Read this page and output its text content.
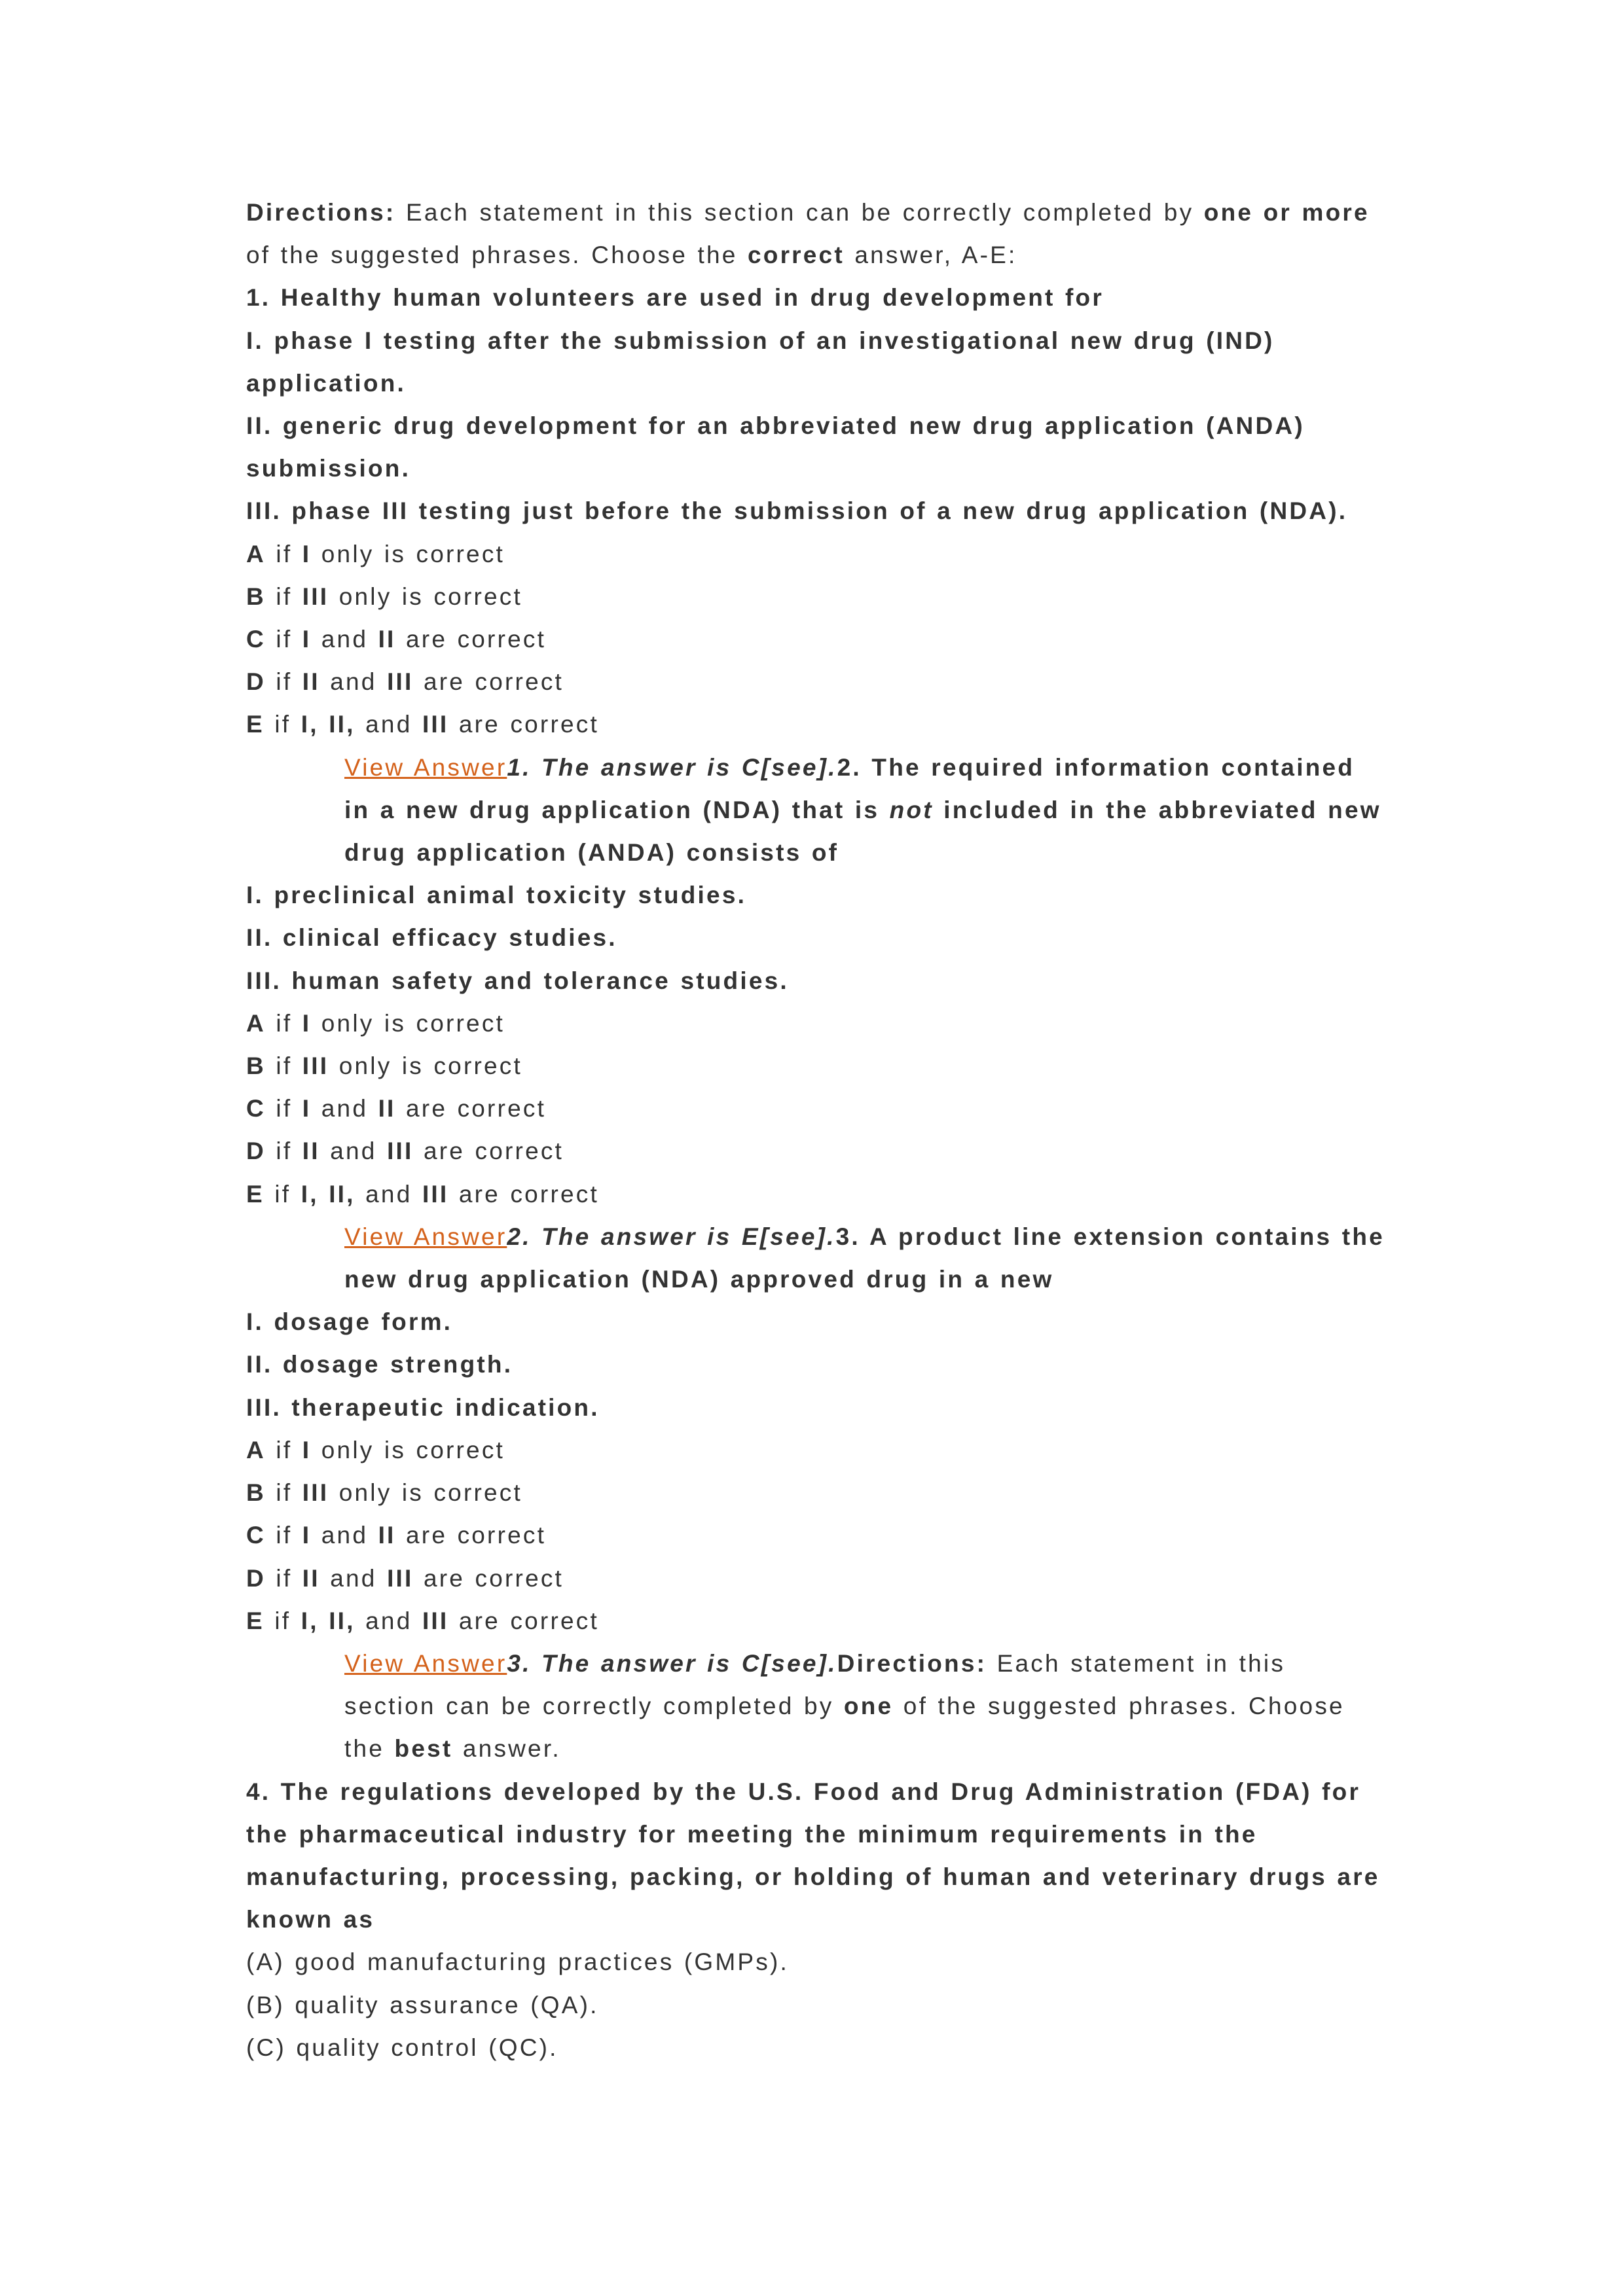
Directions: Each statement in this section can be correctly completed by one or more of the suggested phrases. Choose the correct answer, A-E:

1. Healthy human volunteers are used in drug development for

I. phase I testing after the submission of an investigational new drug (IND) application.

II. generic drug development for an abbreviated new drug application (ANDA) submission.

III. phase III testing just before the submission of a new drug application (NDA).

A if I only is correct

B if III only is correct

C if I and II are correct

D if II and III are correct

E if I, II, and III are correct

View Answer1. The answer is C[see].2. The required information contained in a new drug application (NDA) that is not included in the abbreviated new drug application (ANDA) consists of

I. preclinical animal toxicity studies.

II. clinical efficacy studies.

III. human safety and tolerance studies.

A if I only is correct

B if III only is correct

C if I and II are correct

D if II and III are correct

E if I, II, and III are correct

View Answer2. The answer is E[see].3. A product line extension contains the new drug application (NDA) approved drug in a new

I. dosage form.

II. dosage strength.

III. therapeutic indication.

A if I only is correct

B if III only is correct

C if I and II are correct

D if II and III are correct

E if I, II, and III are correct

View Answer3. The answer is C[see].Directions: Each statement in this section can be correctly completed by one of the suggested phrases. Choose the best answer.

4. The regulations developed by the U.S. Food and Drug Administration (FDA) for the pharmaceutical industry for meeting the minimum requirements in the manufacturing, processing, packing, or holding of human and veterinary drugs are known as

(A) good manufacturing practices (GMPs).

(B) quality assurance (QA).

(C) quality control (QC).
